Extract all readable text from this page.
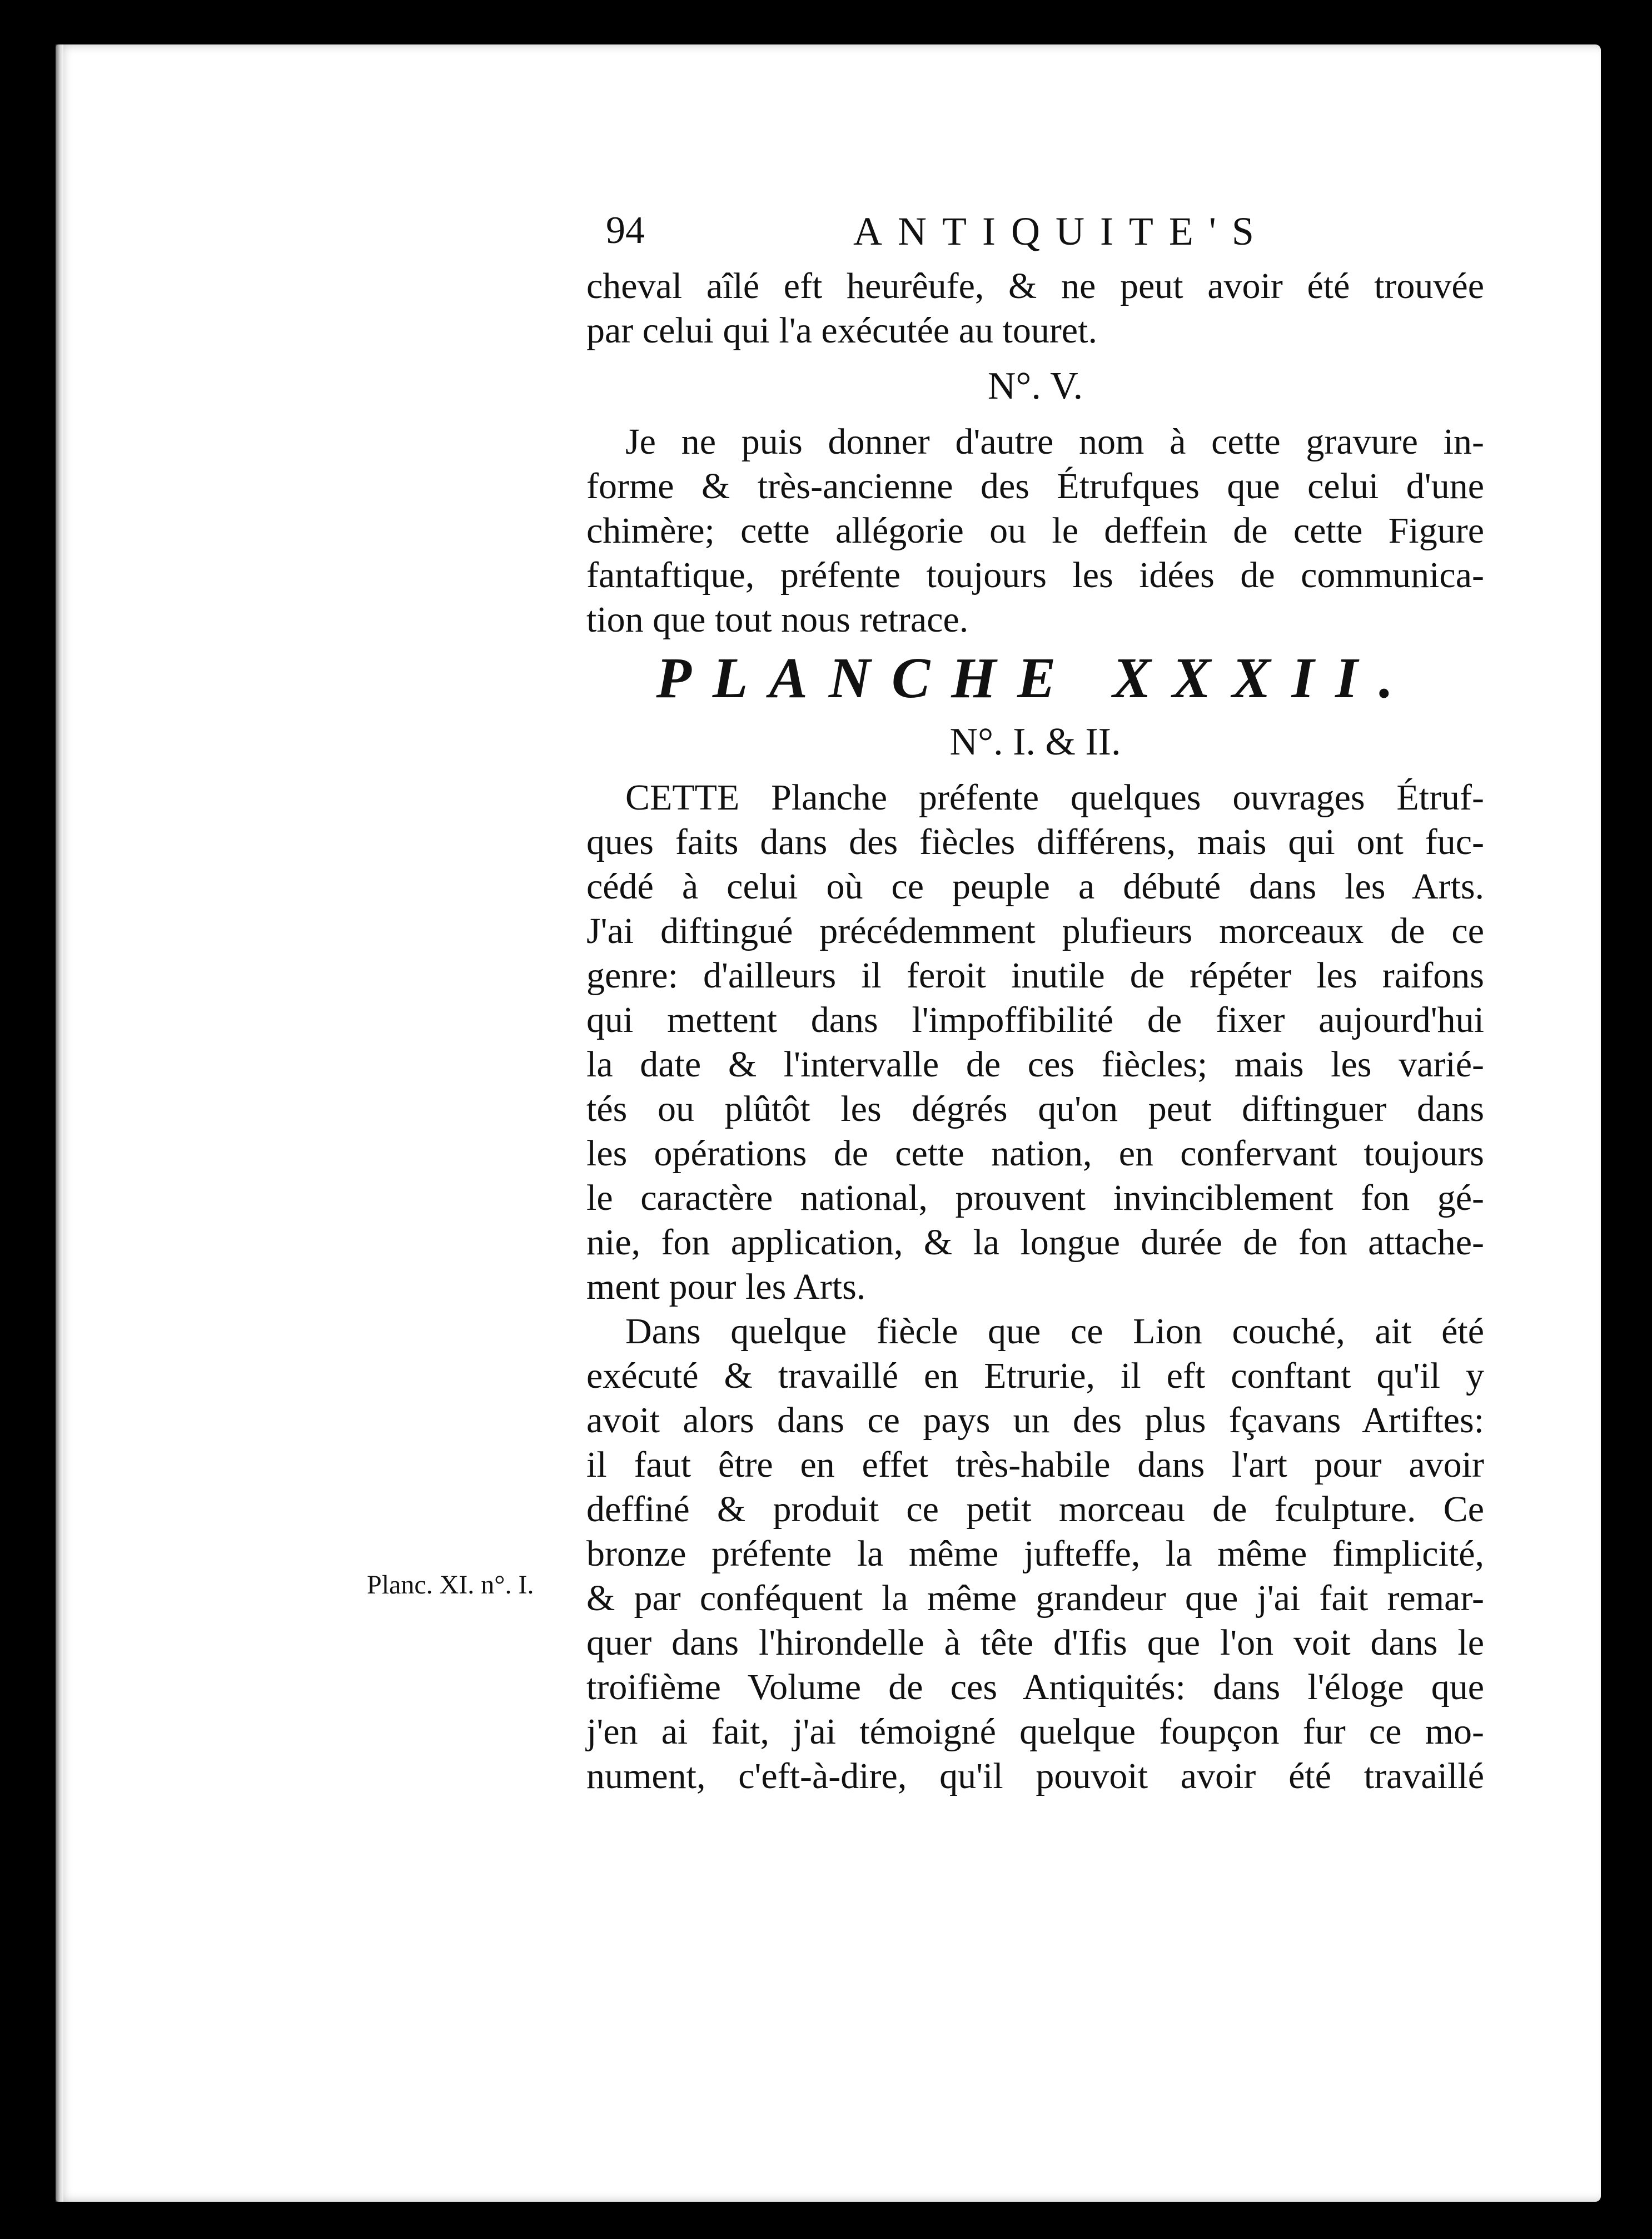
94	ANTIQUITE'S
cheval aîlé eft heurêufe, & ne peut avoir été trouvée
par celui qui l'a exécutée au touret.
N°. V.
Je ne puis donner d'autre nom à cette gravure in-
forme & très-ancienne des Étrufques que celui d'une
chimère; cette allégorie ou le deffein de cette Figure
fantaftique, préfente toujours les idées de communica-
tion que tout nous retrace.
PLANCHE XXXII.
N°. I. & II.
CETTE Planche préfente quelques ouvrages Étruf-
ques faits dans des fiècles différens, mais qui ont fuc-
cédé à celui où ce peuple a débuté dans les Arts.
J'ai diftingué précédemment plufieurs morceaux de ce
genre: d'ailleurs il feroit inutile de répéter les raifons
qui mettent dans l'impoffibilité de fixer aujourd'hui
la date & l'intervalle de ces fiècles; mais les varié-
tés ou plûtôt les dégrés qu'on peut diftinguer dans
les opérations de cette nation, en confervant toujours
le caractère national, prouvent invinciblement fon gé-
nie, fon application, & la longue durée de fon attache-
ment pour les Arts.
Dans quelque fiècle que ce Lion couché, ait été
exécuté & travaillé en Etrurie, il eft conftant qu'il y
avoit alors dans ce pays un des plus fçavans Artiftes:
il faut être en effet très-habile dans l'art pour avoir
deffiné & produit ce petit morceau de fculpture. Ce
bronze préfente la même jufteffe, la même fimplicité,
& par conféquent la même grandeur que j'ai fait remar-
quer dans l'hirondelle à tête d'Ifis que l'on voit dans le
troifième Volume de ces Antiquités: dans l'éloge que
j'en ai fait, j'ai témoigné quelque foupçon fur ce mo-
nument, c'eft-à-dire, qu'il pouvoit avoir été travaillé
Planc. XI. n°. I.
